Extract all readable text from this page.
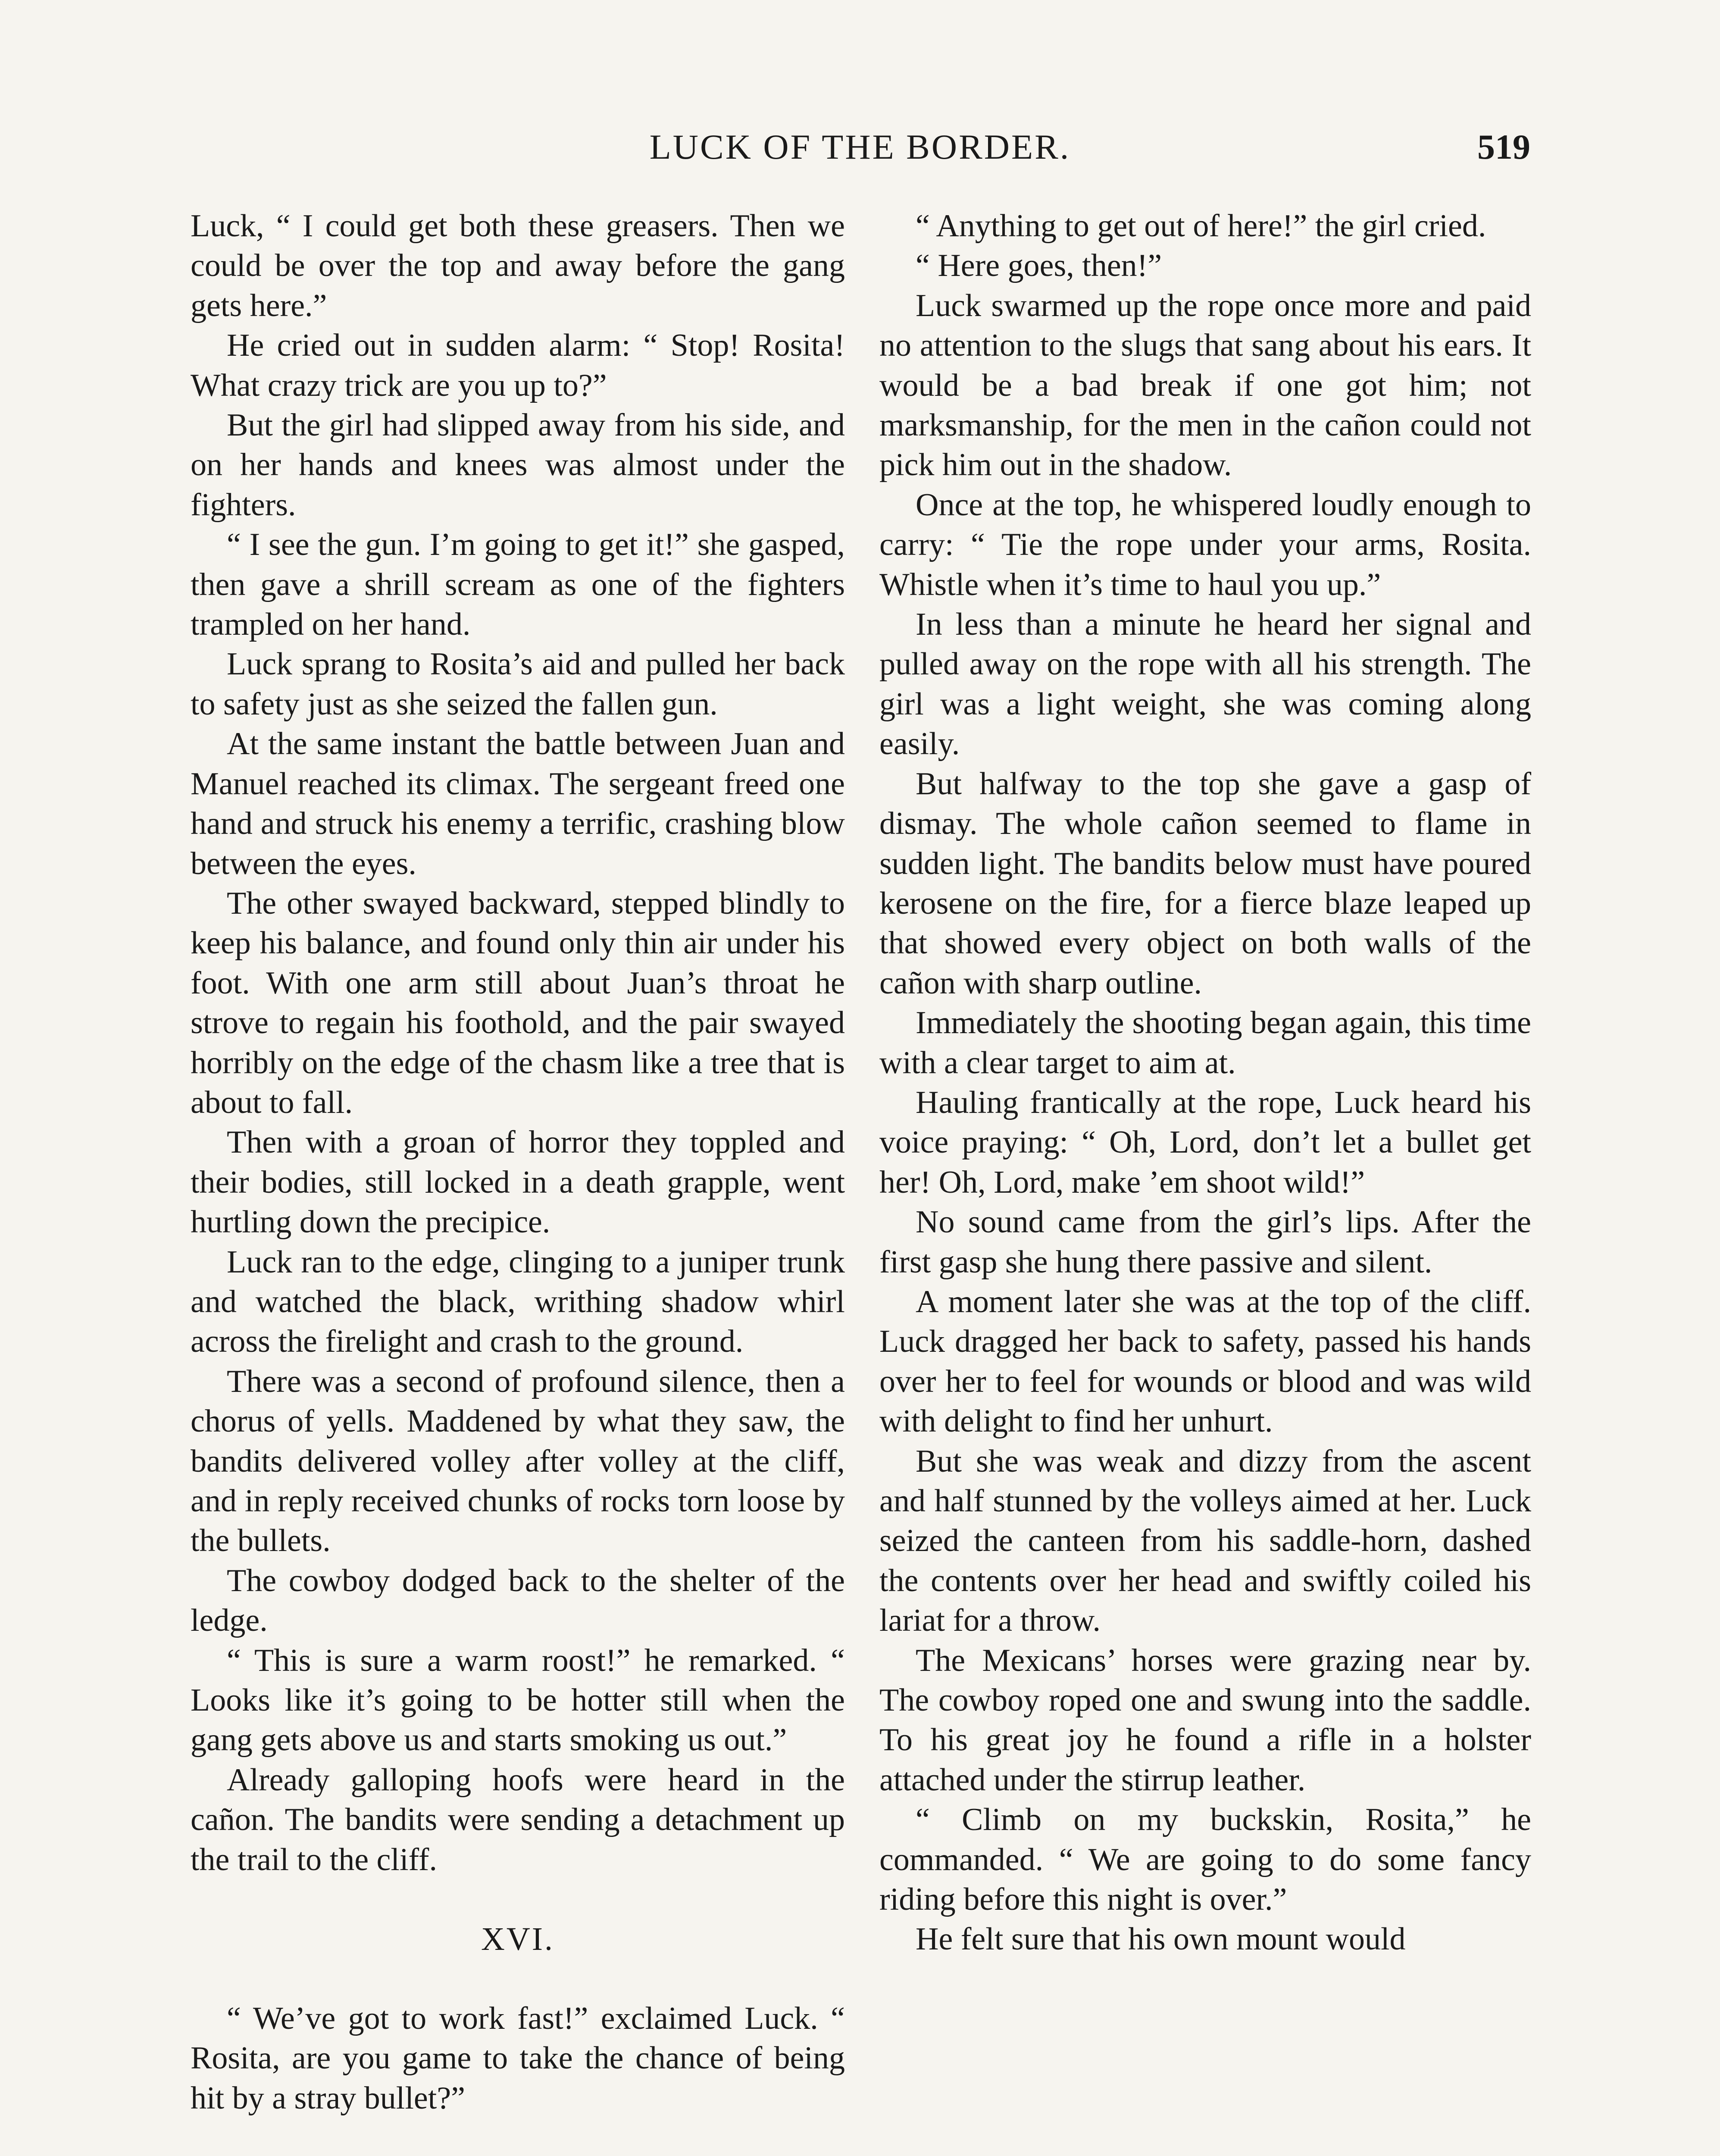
LUCK OF THE BORDER.	519

Luck, “ I could get both these greasers. Then we could be over the top and away before the gang gets here.”

He cried out in sudden alarm: “ Stop! Rosita! What crazy trick are you up to?”

But the girl had slipped away from his side, and on her hands and knees was almost under the fighters.

“ I see the gun. I’m going to get it!” she gasped, then gave a shrill scream as one of the fighters trampled on her hand.

Luck sprang to Rosita’s aid and pulled her back to safety just as she seized the fallen gun.

At the same instant the battle between Juan and Manuel reached its climax. The sergeant freed one hand and struck his enemy a terrific, crashing blow between the eyes.

The other swayed backward, stepped blindly to keep his balance, and found only thin air under his foot. With one arm still about Juan’s throat he strove to regain his foothold, and the pair swayed horribly on the edge of the chasm like a tree that is about to fall.

Then with a groan of horror they toppled and their bodies, still locked in a death grapple, went hurtling down the precipice.

Luck ran to the edge, clinging to a juniper trunk and watched the black, writhing shadow whirl across the firelight and crash to the ground.

There was a second of profound silence, then a chorus of yells. Maddened by what they saw, the bandits delivered volley after volley at the cliff, and in reply received chunks of rocks torn loose by the bullets.

The cowboy dodged back to the shelter of the ledge.

“ This is sure a warm roost!” he remarked. “ Looks like it’s going to be hotter still when the gang gets above us and starts smoking us out.”

Already galloping hoofs were heard in the cañon. The bandits were sending a detachment up the trail to the cliff.

XVI.

“ We’ve got to work fast!” exclaimed Luck. “ Rosita, are you game to take the chance of being hit by a stray bullet?”

“ Anything to get out of here!” the girl cried.

“ Here goes, then!”

Luck swarmed up the rope once more and paid no attention to the slugs that sang about his ears. It would be a bad break if one got him; not marksmanship, for the men in the cañon could not pick him out in the shadow.

Once at the top, he whispered loudly enough to carry: “ Tie the rope under your arms, Rosita. Whistle when it’s time to haul you up.”

In less than a minute he heard her signal and pulled away on the rope with all his strength. The girl was a light weight, she was coming along easily.

But halfway to the top she gave a gasp of dismay. The whole cañon seemed to flame in sudden light. The bandits below must have poured kerosene on the fire, for a fierce blaze leaped up that showed every object on both walls of the cañon with sharp outline.

Immediately the shooting began again, this time with a clear target to aim at.

Hauling frantically at the rope, Luck heard his voice praying: “ Oh, Lord, don’t let a bullet get her! Oh, Lord, make ’em shoot wild!”

No sound came from the girl’s lips. After the first gasp she hung there passive and silent.

A moment later she was at the top of the cliff. Luck dragged her back to safety, passed his hands over her to feel for wounds or blood and was wild with delight to find her unhurt.

But she was weak and dizzy from the ascent and half stunned by the volleys aimed at her. Luck seized the canteen from his saddle-horn, dashed the contents over her head and swiftly coiled his lariat for a throw.

The Mexicans’ horses were grazing near by. The cowboy roped one and swung into the saddle. To his great joy he found a rifle in a holster attached under the stirrup leather.

“ Climb on my buckskin, Rosita,” he commanded. “ We are going to do some fancy riding before this night is over.”

He felt sure that his own mount would
